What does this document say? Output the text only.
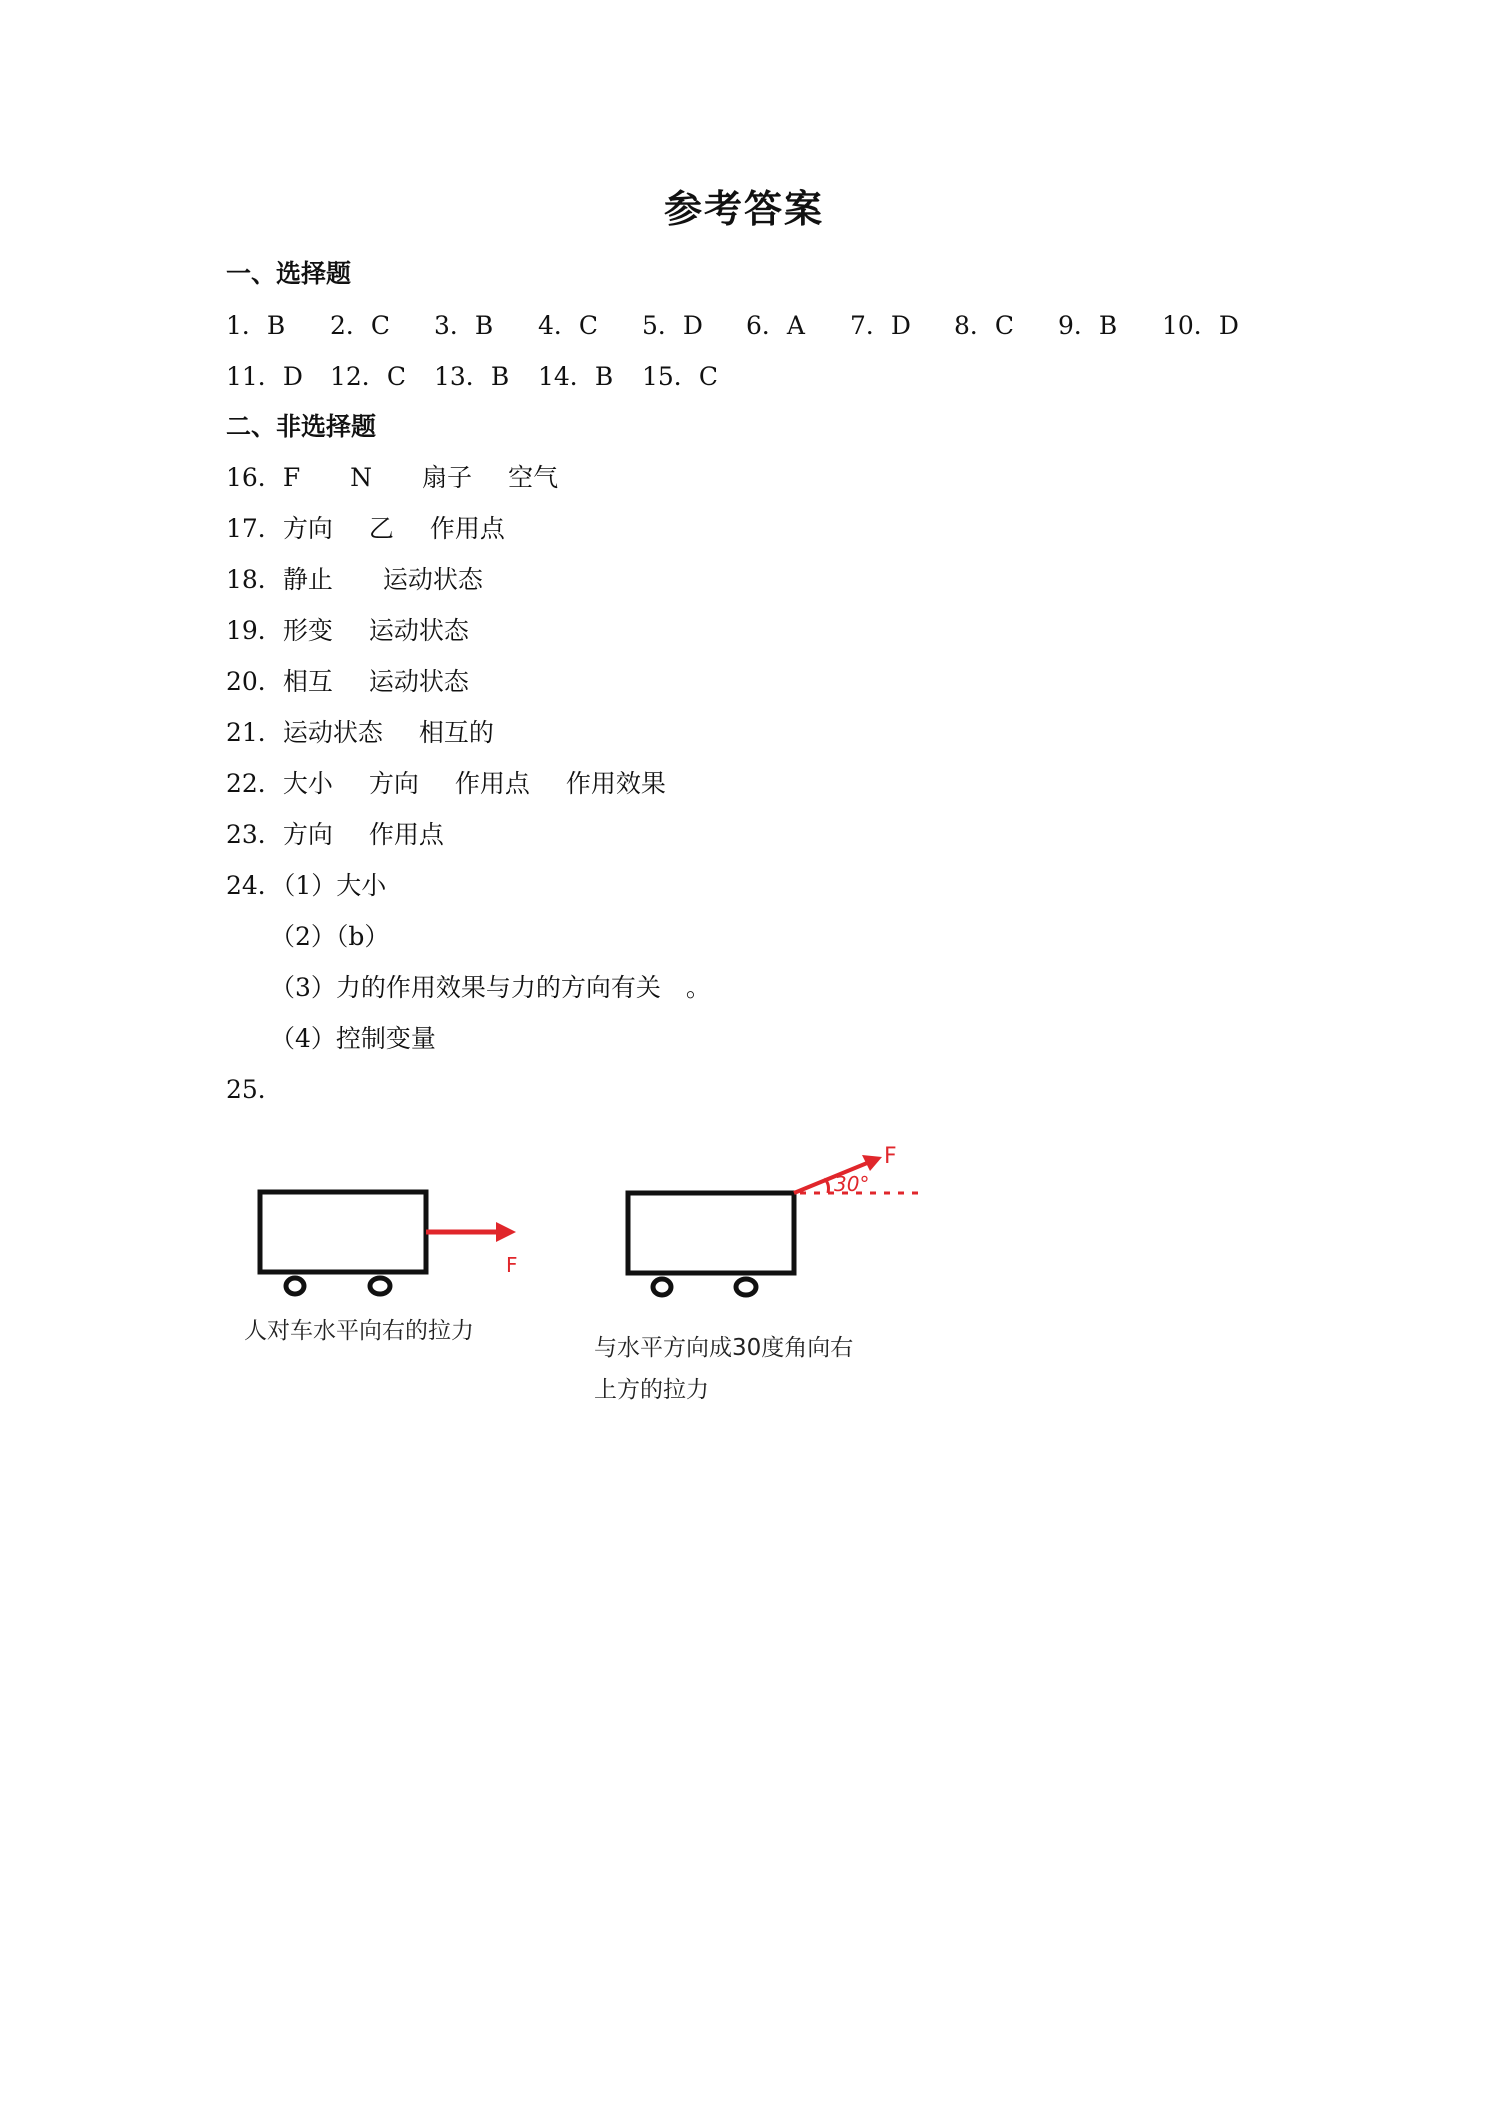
参考答案
一、选择题
1．B 2．C 3．B 4．C 5．D 6．A 7．D 8．C 9．B 10．D
11．D 12．C 13．B 14．B 15．C
二、非选择题
16．F N 扇子 空气
17．方向 乙 作用点
18．静止 运动状态
19．形变 运动状态
20．相互 运动状态
21．运动状态 相互的
22．大小 方向 作用点 作用效果
23．方向 作用点
24．（1）大小
（2）（b）
（3）力的作用效果与力的方向有关　。
（4）控制变量
25．
F
人对车水平向右的拉力
30°
F
与水平方向成30度角向右
上方的拉力
